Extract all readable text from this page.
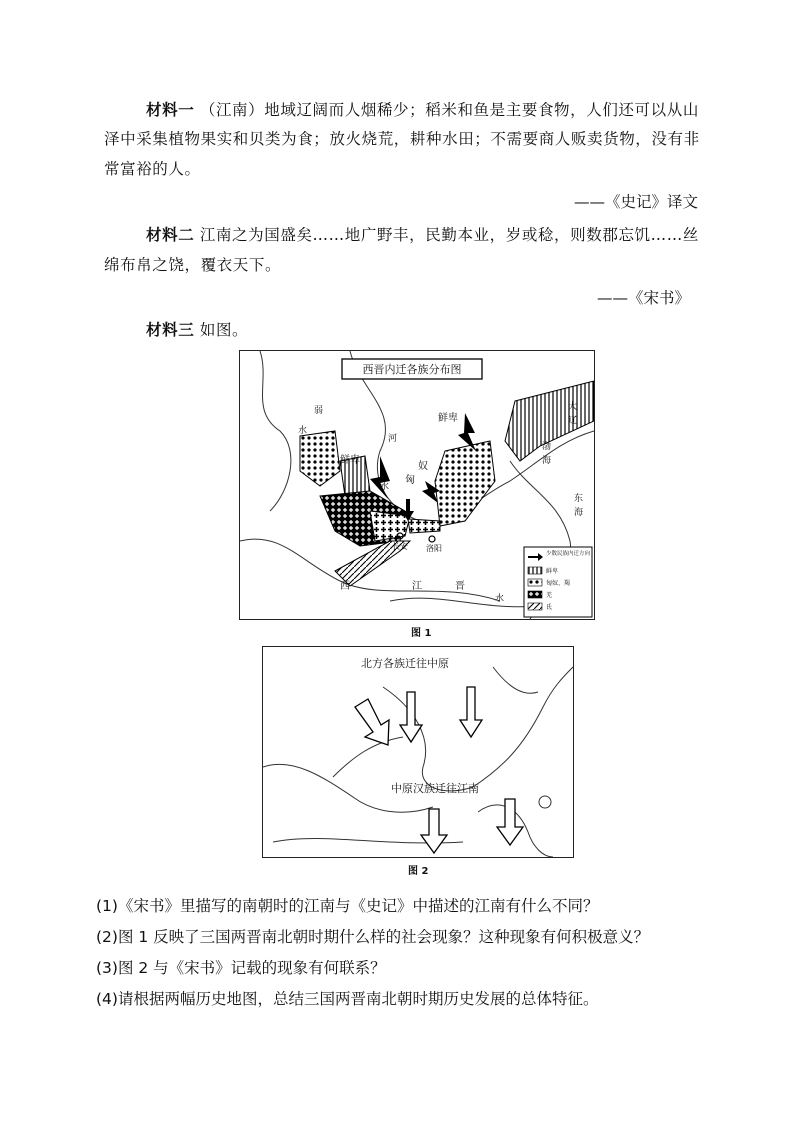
材料一 （江南）地域辽阔而人烟稀少；稻米和鱼是主要食物，人们还可以从山
泽中采集植物果实和贝类为食；放火烧荒，耕种水田；不需要商人贩卖货物，没有非
常富裕的人。
——《史记》译文
材料二 江南之为国盛矣……地广野丰，民勤本业，岁或稔，则数郡忘饥……丝
绵布帛之饶，覆衣天下。
——《宋书》
材料三 如图。
西晋内迁各族分布图
弱
水
河
水
鲜卑
鲜卑
匈
奴
大
辽
渤
海
东
海
长安 洛阳
西	江	晋
水
少数民族内迁方向
鲜卑
匈奴、羯
羌
氐
图 1
北方各族迁往中原
中原汉族迁往江南
图 2
(1)《宋书》里描写的南朝时的江南与《史记》中描述的江南有什么不同？
(2)图 1 反映了三国两晋南北朝时期什么样的社会现象？这种现象有何积极意义？
(3)图 2 与《宋书》记载的现象有何联系？
(4)请根据两幅历史地图，总结三国两晋南北朝时期历史发展的总体特征。
